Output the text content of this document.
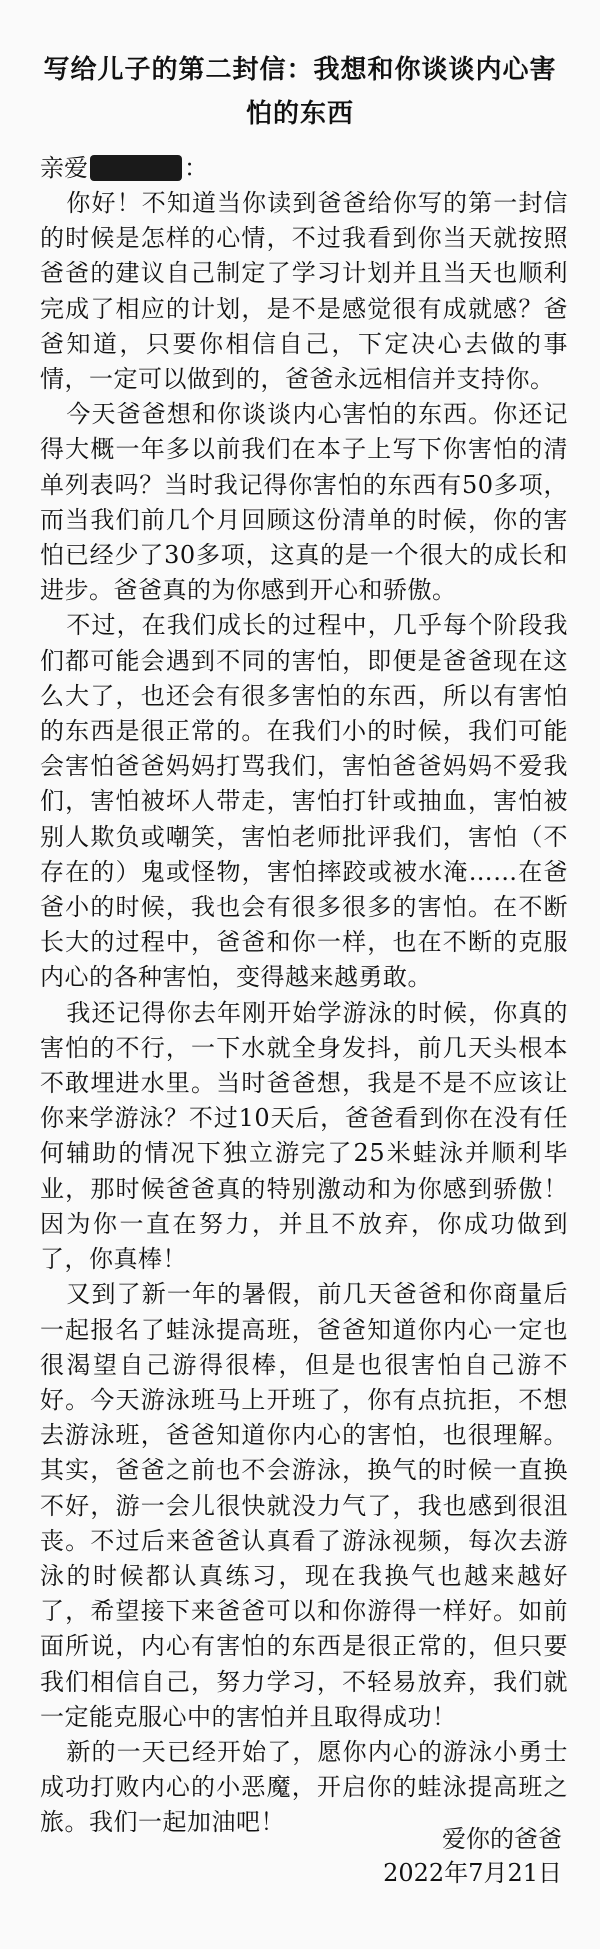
写给儿子的第二封信：我想和你谈谈内心害怕的东西
亲爱	：

你好！不知道当你读到爸爸给你写的第一封信的时候是怎样的心情，不过我看到你当天就按照爸爸的建议自己制定了学习计划并且当天也顺利完成了相应的计划，是不是感觉很有成就感？爸爸知道，只要你相信自己，下定决心去做的事情，一定可以做到的，爸爸永远相信并支持你。

今天爸爸想和你谈谈内心害怕的东西。你还记得大概一年多以前我们在本子上写下你害怕的清单列表吗？当时我记得你害怕的东西有50多项，而当我们前几个月回顾这份清单的时候，你的害怕已经少了30多项，这真的是一个很大的成长和进步。爸爸真的为你感到开心和骄傲。

不过，在我们成长的过程中，几乎每个阶段我们都可能会遇到不同的害怕，即便是爸爸现在这么大了，也还会有很多害怕的东西，所以有害怕的东西是很正常的。在我们小的时候，我们可能会害怕爸爸妈妈打骂我们，害怕爸爸妈妈不爱我们，害怕被坏人带走，害怕打针或抽血，害怕被别人欺负或嘲笑，害怕老师批评我们，害怕（不存在的）鬼或怪物，害怕摔跤或被水淹……在爸爸小的时候，我也会有很多很多的害怕。在不断长大的过程中，爸爸和你一样，也在不断的克服内心的各种害怕，变得越来越勇敢。

我还记得你去年刚开始学游泳的时候，你真的害怕的不行，一下水就全身发抖，前几天头根本不敢埋进水里。当时爸爸想，我是不是不应该让你来学游泳？不过10天后，爸爸看到你在没有任何辅助的情况下独立游完了25米蛙泳并顺利毕业，那时候爸爸真的特别激动和为你感到骄傲！因为你一直在努力，并且不放弃，你成功做到了，你真棒！

又到了新一年的暑假，前几天爸爸和你商量后一起报名了蛙泳提高班，爸爸知道你内心一定也很渴望自己游得很棒，但是也很害怕自己游不好。今天游泳班马上开班了，你有点抗拒，不想去游泳班，爸爸知道你内心的害怕，也很理解。其实，爸爸之前也不会游泳，换气的时候一直换不好，游一会儿很快就没力气了，我也感到很沮丧。不过后来爸爸认真看了游泳视频，每次去游泳的时候都认真练习，现在我换气也越来越好了，希望接下来爸爸可以和你游得一样好。如前面所说，内心有害怕的东西是很正常的，但只要我们相信自己，努力学习，不轻易放弃，我们就一定能克服心中的害怕并且取得成功！

新的一天已经开始了，愿你内心的游泳小勇士成功打败内心的小恶魔，开启你的蛙泳提高班之旅。我们一起加油吧！

爱你的爸爸
2022年7月21日
